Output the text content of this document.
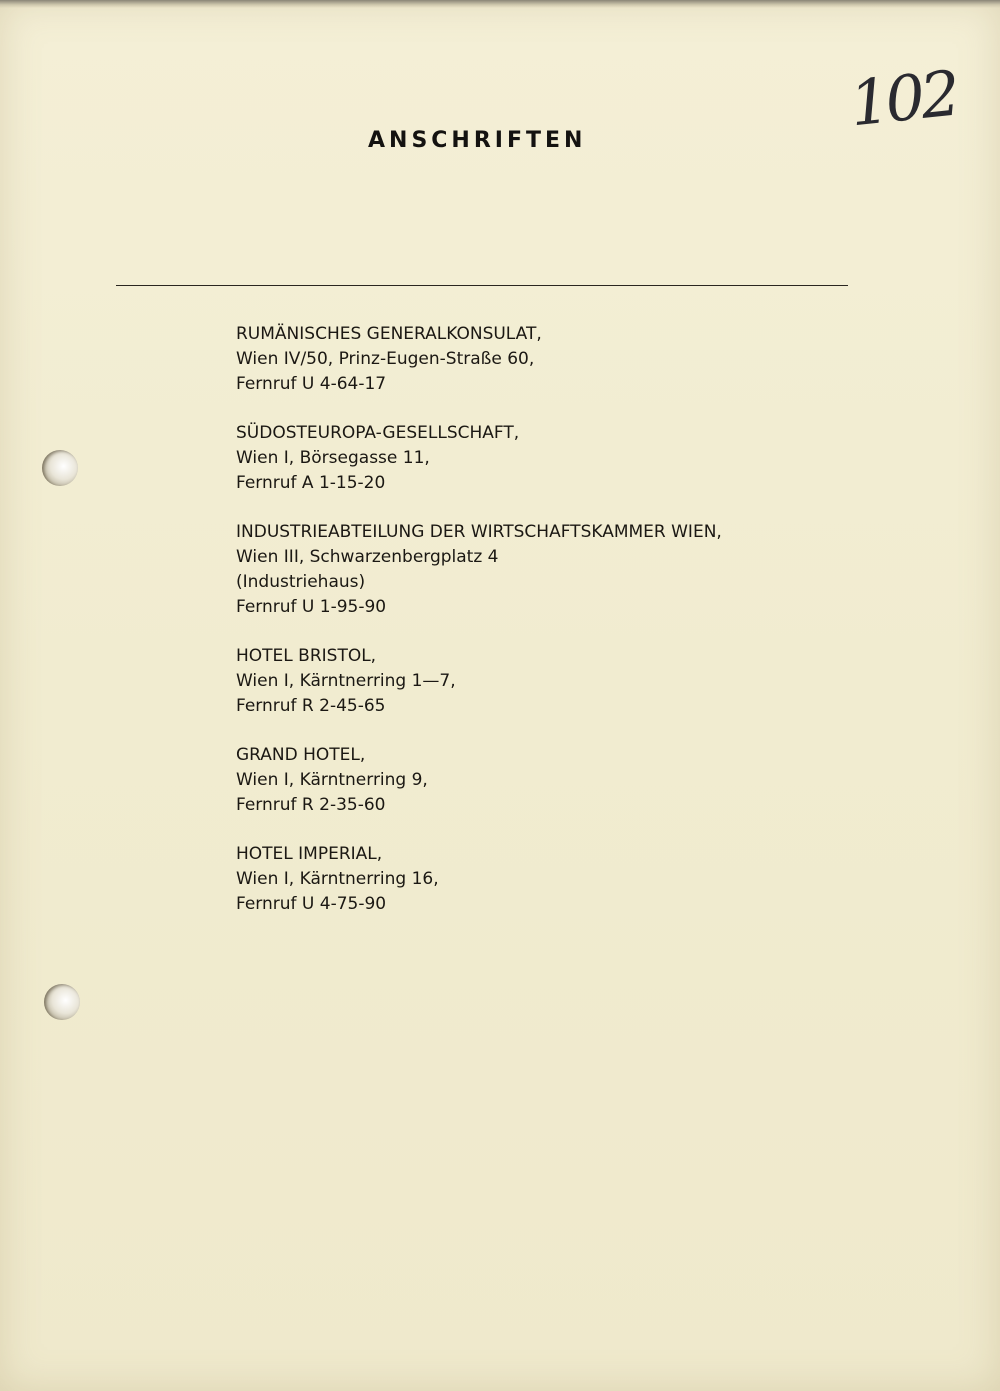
102
ANSCHRIFTEN
RUMÄNISCHES GENERALKONSULAT,
Wien IV/50, Prinz-Eugen-Straße 60,
Fernruf U 4-64-17
SÜDOSTEUROPA-GESELLSCHAFT,
Wien I, Börsegasse 11,
Fernruf A 1-15-20
INDUSTRIEABTEILUNG DER WIRTSCHAFTSKAMMER WIEN,
Wien III, Schwarzenbergplatz 4
(Industriehaus)
Fernruf U 1-95-90
HOTEL BRISTOL,
Wien I, Kärntnerring 1—7,
Fernruf R 2-45-65
GRAND HOTEL,
Wien I, Kärntnerring 9,
Fernruf R 2-35-60
HOTEL IMPERIAL,
Wien I, Kärntnerring 16,
Fernruf U 4-75-90
